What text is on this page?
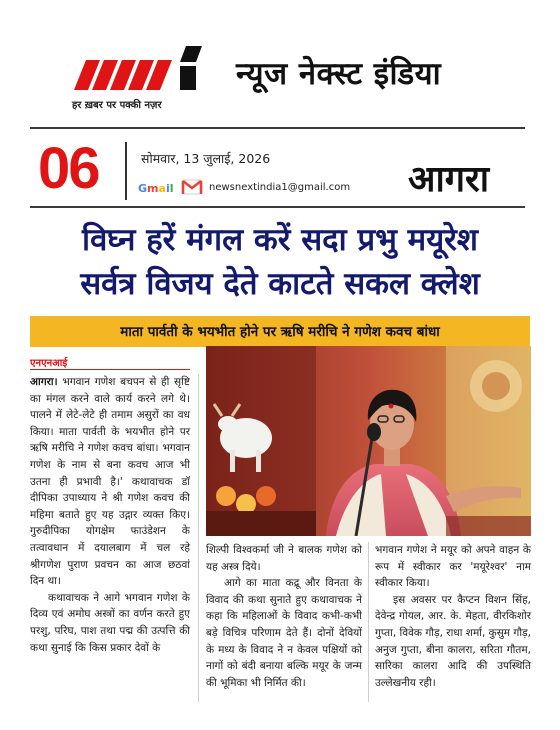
हर ख़बर पर पक्की नज़र
न्यूज नेक्स्ट इंडिया
06	सोमवार, 13 जुलाई, 2026
Gmail	newsnextindia1@gmail.com आगरा
विघ्न हरें मंगल करें सदा प्रभु मयूरेश
सर्वत्र विजय देते काटते सकल क्लेश
माता पार्वती के भयभीत होने पर ऋषि मरीचि ने गणेश कवच बांधा
एनएनआई

आगरा। भगवान गणेश बचपन से ही सृष्टि का मंगल करने वाले कार्य करने लगे थे। पालने में लेटे-लेटे ही तमाम असुरों का वध किया। माता पार्वती के भयभीत होने पर ऋषि मरीचि ने गणेश कवच बांधा। भगवान गणेश के नाम से बना कवच आज भी उतना ही प्रभावी है।' कथावाचक डॉ दीपिका उपाध्याय ने श्री गणेश कवच की महिमा बताते हुए यह उद्गार व्यक्त किए। गुरुदीपिका योगक्षेम फाउंडेशन के तत्वावधान में दयालबाग में चल रहे श्रीगणेश पुराण प्रवचन का आज छठवां दिन था।

कथावाचक ने आगे भगवान गणेश के दिव्य एवं अमोघ अस्त्रों का वर्णन करते हुए परशु, परिघ, पाश तथा पद्म की उत्पत्ति की कथा सुनाई कि किस प्रकार देवों के

शिल्पी विश्वकर्मा जी ने बालक गणेश को यह अस्त्र दिये।

आगे का माता कद्रू और विनता के विवाद की कथा सुनाते हुए कथावाचक ने कहा कि महिलाओं के विवाद कभी-कभी बड़े विचित्र परिणाम देते हैं। दोनों देवियों के मध्य के विवाद ने न केवल पक्षियों को नागों को बंदी बनाया बल्कि मयूर के जन्म की भूमिका भी निर्मित की।

भगवान गणेश ने मयूर को अपने वाहन के रूप में स्वीकार कर 'मयूरेश्वर' नाम स्वीकार किया।

इस अवसर पर कैप्टन विशन सिंह, देवेन्द्र गोयल, आर. के. मेहता, वीरकिशोर गुप्ता, विवेक गौड़, राधा शर्मा, कुसुम गौड़, अनुज गुप्ता, बीना कालरा, सरिता गौतम, सारिका कालरा आदि की उपस्थिति उल्लेखनीय रही।
